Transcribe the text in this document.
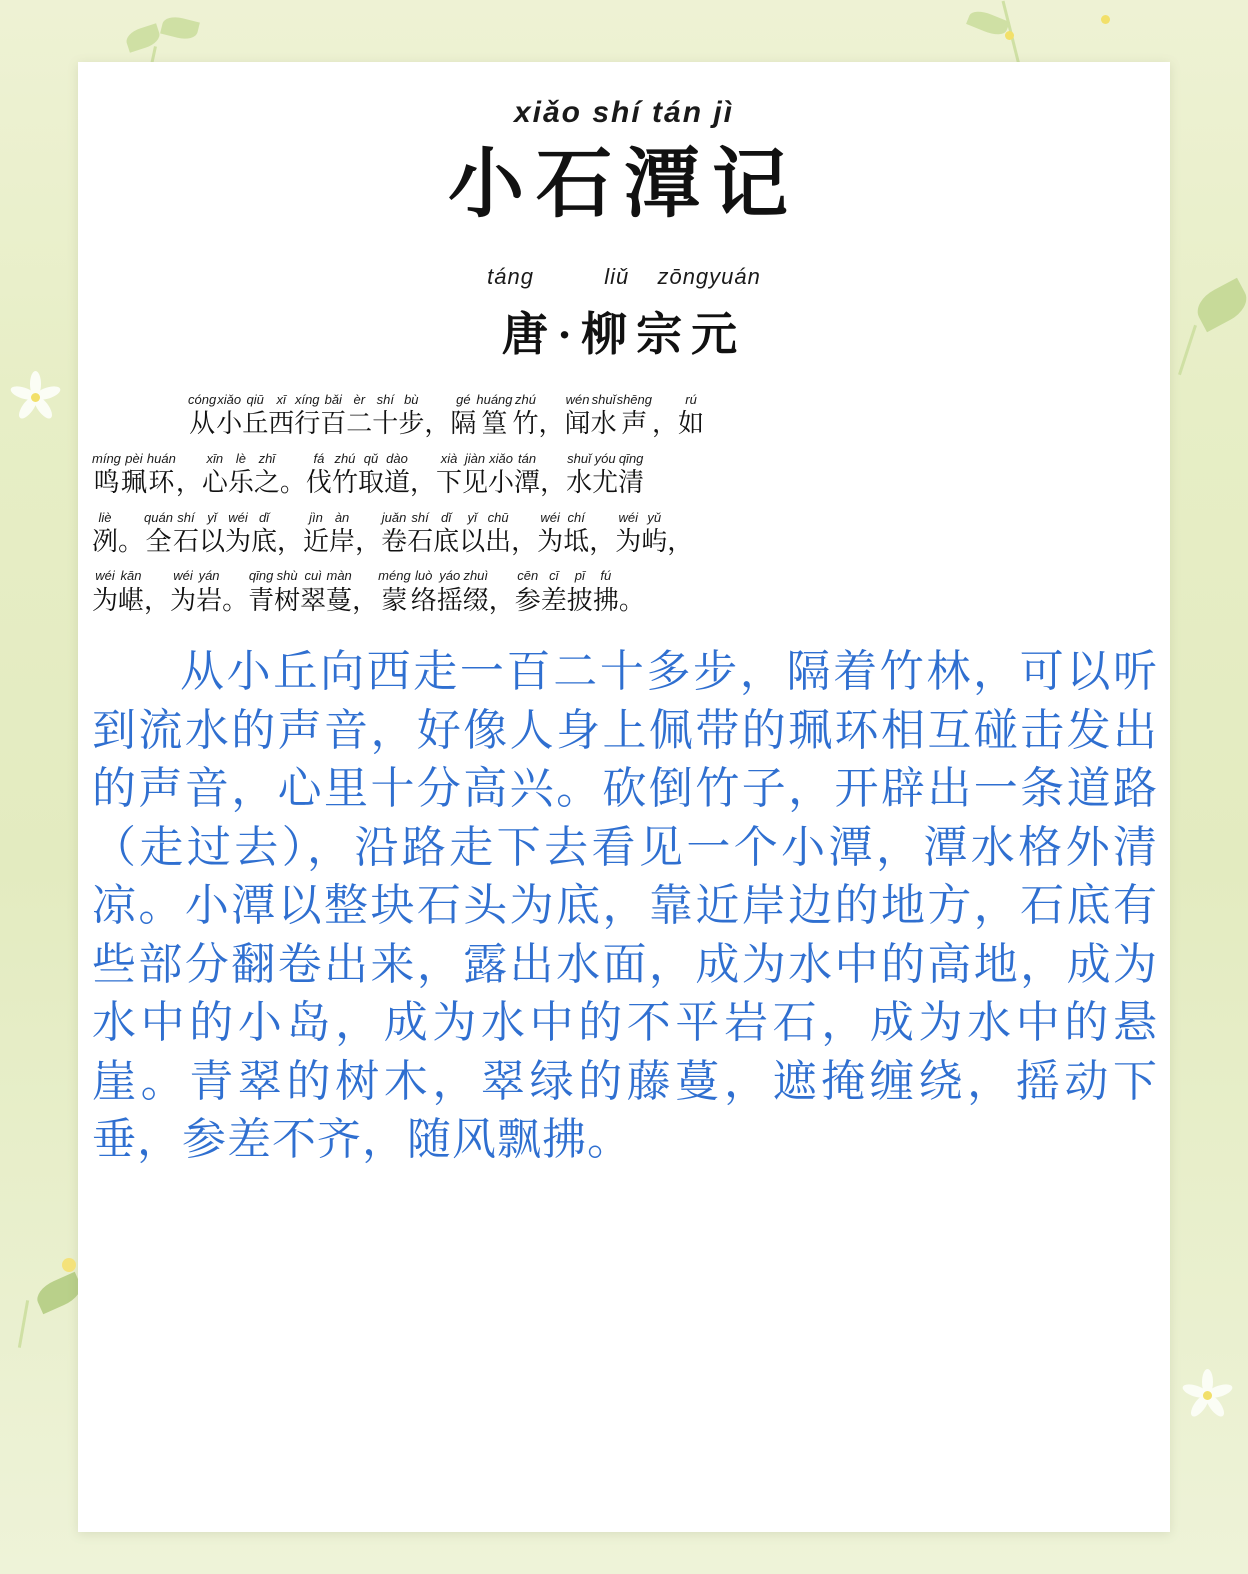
xiǎo shí tán jì
小石潭记
táng	liǔ zōngyuán
唐·柳宗元
cóng
从
xiǎo
小
qiū
丘
xī
西
xíng
行
bǎi
百
èr
二
shí
十
bù
步 ，
gé
隔
huáng
篁
zhú
竹 ，
wén
闻
shuǐ
水
shēng
声 ，
rú
如
míng
鸣
pèi
珮
huán
环 ，
xīn
心
lè
乐
zhī
之 。
fá
伐
zhú
竹
qǔ
取
dào
道 ，
xià
下
jiàn
见
xiǎo
小
tán
潭 ，
shuǐ
水
yóu
尤
qīng
清
liè
冽 。
quán
全
shí
石
yǐ
以
wéi
为
dǐ
底 ，
jìn
近
àn
岸 ，
juǎn
卷
shí
石
dǐ
底
yǐ
以
chū
出 ，
wéi
为
chí
坻 ，
wéi
为
yǔ
屿 ，
wéi
为
kān
嵁 ，
wéi
为
yán
岩 。
qīng
青
shù
树
cuì
翠
màn
蔓 ，
méng
蒙
luò
络
yáo
摇
zhuì
缀 ，
cēn
参
cī
差
pī
披
fú
拂 。
从小丘向西走一百二十多步，隔着竹林，可以听到流水的声音，好像人身上佩带的珮环相互碰击发出的声音，心里十分高兴。砍倒竹子，开辟出一条道路（走过去），沿路走下去看见一个小潭，潭水格外清凉。小潭以整块石头为底，靠近岸边的地方，石底有些部分翻卷出来，露出水面，成为水中的高地，成为水中的小岛，成为水中的不平岩石，成为水中的悬崖。青翠的树木，翠绿的藤蔓，遮掩缠绕，摇动下垂，参差不齐，随风飘拂。
